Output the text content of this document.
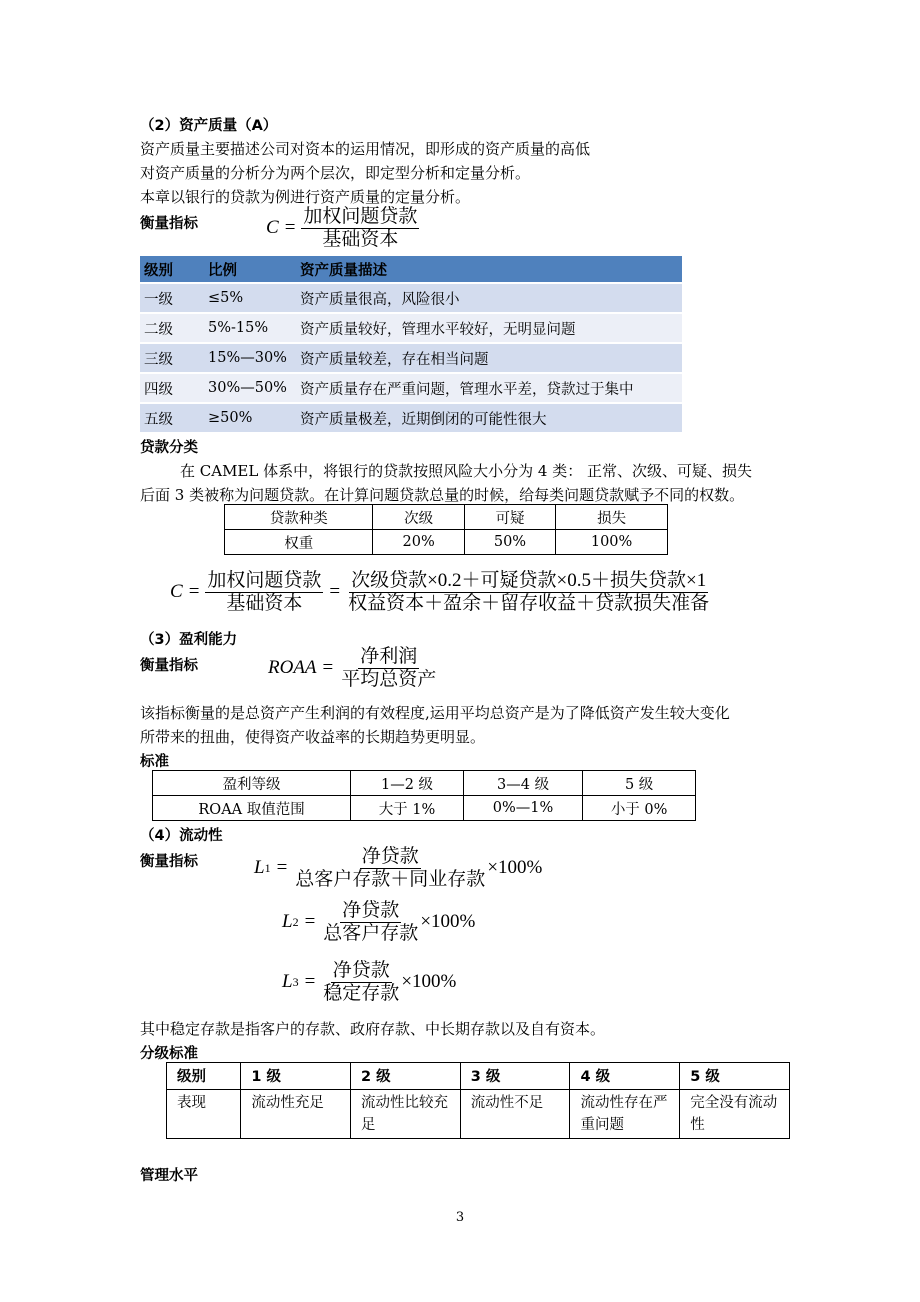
（2）资产质量（A）
资产质量主要描述公司对资本的运用情况，即形成的资产质量的高低
对资产质量的分析分为两个层次，即定型分析和定量分析。
本章以银行的贷款为例进行资产质量的定量分析。
衡量指标	$C = \frac{\text{加权问题贷款}}{\text{基础资本}}$
级别	比例	资产质量描述
一级	≤5%	资产质量很高，风险很小
二级	5%-15%	资产质量较好，管理水平较好，无明显问题
三级	15%—30%	资产质量较差，存在相当问题
四级	30%—50%	资产质量存在严重问题，管理水平差，贷款过于集中
五级	≥50%	资产质量极差，近期倒闭的可能性很大
贷款分类
在 CAMEL 体系中，将银行的贷款按照风险大小分为 4 类： 正常、次级、可疑、损失
后面 3 类被称为问题贷款。在计算问题贷款总量的时候，给每类问题贷款赋予不同的权数。
贷款种类	次级	可疑	损失
权重	20%	50%	100%
$C = \frac{\text{加权问题贷款}}{\text{基础资本}} = \frac{\text{次级贷款×0.2＋可疑贷款×0.5＋损失贷款×1}}{\text{权益资本＋盈余＋留存收益＋贷款损失准备}}$
（3）盈利能力
衡量指标	ROAA = $\frac{\text{净利润}}{\text{平均总资产}}$
该指标衡量的是总资产产生利润的有效程度,运用平均总资产是为了降低资产发生较大变化
所带来的扭曲，使得资产收益率的长期趋势更明显。
标准
盈利等级	1—2 级	3—4 级	5 级
ROAA 取值范围	大于 1%	0%—1%	小于 0%
（4）流动性
衡量指标	L $1 = \frac{\text{净贷款}}{\text{总客户存款＋同业存款}} \times 100\%$
L $2 = \frac{\text{净贷款}}{\text{总客户存款}} \times 100\%$
L $3 = \frac{\text{净贷款}}{\text{稳定存款}} \times 100\%$
其中稳定存款是指客户的存款、政府存款、中长期存款以及自有资本。
分级标准
级别	1 级	2 级	3 级	4 级	5 级
表现	流动性充足	流动性比较充足	流动性不足	流动性存在严重问题	完全没有流动性
管理水平
3
